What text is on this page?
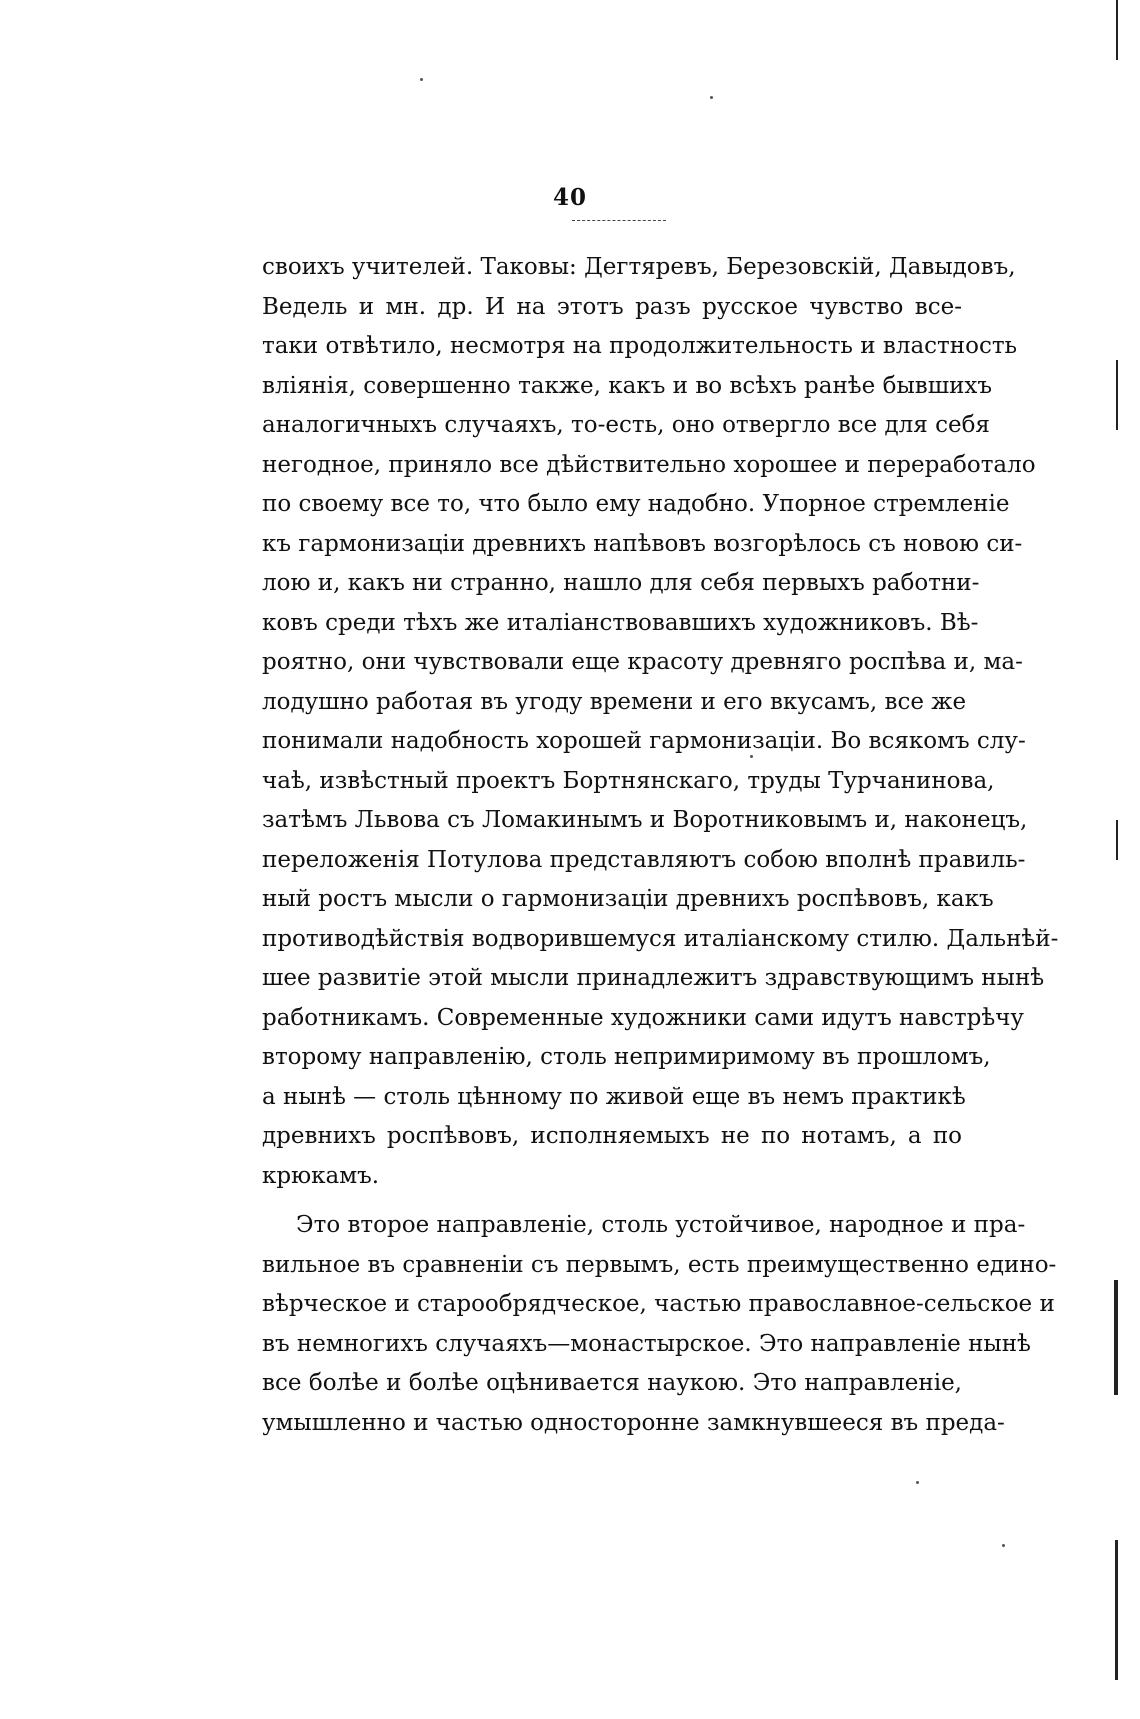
40
своихъ учителей. Таковы: Дегтяревъ, Березовскій, Давыдовъ,
Ведель и мн. др. И на этотъ разъ русское чувство все-
таки отвѣтило, несмотря на продолжительность и властность
вліянія, совершенно также, какъ и во всѣхъ ранѣе бывшихъ
аналогичныхъ случаяхъ, то-есть, оно отвергло все для себя
негодное, приняло все дѣйствительно хорошее и переработало
по своему все то, что было ему надобно. Упорное стремленіе
къ гармонизаціи древнихъ напѣвовъ возгорѣлось съ новою си-
лою и, какъ ни странно, нашло для себя первыхъ работни-
ковъ среди тѣхъ же италіанствовавшихъ художниковъ. Вѣ-
роятно, они чувствовали еще красоту древняго роспѣва и, ма-
лодушно работая въ угоду времени и его вкусамъ, все же
понимали надобность хорошей гармонизаціи. Во всякомъ слу-
чаѣ, извѣстный проектъ Бортнянскаго, труды Турчанинова,
затѣмъ Львова съ Ломакинымъ и Воротниковымъ и, наконецъ,
переложенія Потулова представляютъ собою вполнѣ правиль-
ный ростъ мысли о гармонизаціи древнихъ роспѣвовъ, какъ
противодѣйствія водворившемуся италіанскому стилю. Дальнѣй-
шее развитіе этой мысли принадлежитъ здравствующимъ нынѣ
работникамъ. Современные художники сами идутъ навстрѣчу
второму направленію, столь непримиримому въ прошломъ,
а нынѣ — столь цѣнному по живой еще въ немъ практикѣ
древнихъ роспѣвовъ, исполняемыхъ не по нотамъ, а по
крюкамъ.
Это второе направленіе, столь устойчивое, народное и пра-
вильное въ сравненіи съ первымъ, есть преимущественно едино-
вѣрческое и старообрядческое, частью православное-сельское и
въ немногихъ случаяхъ—монастырское. Это направленіе нынѣ
все болѣе и болѣе оцѣнивается наукою. Это направленіе,
умышленно и частью односторонне замкнувшееся въ преда-
